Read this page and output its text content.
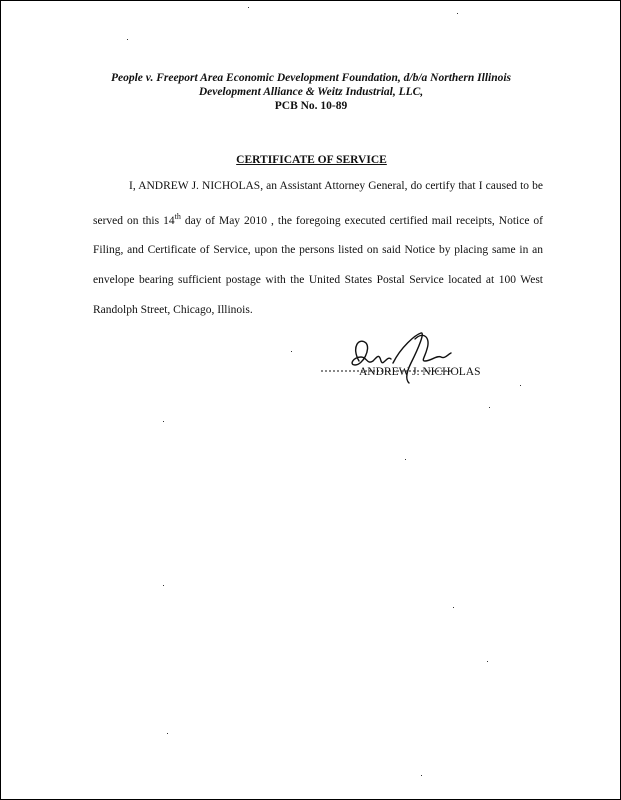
People v. Freeport Area Economic Development Foundation, d/b/a Northern Illinois
Development Alliance & Weitz Industrial, LLC,
PCB No. 10-89
CERTIFICATE OF SERVICE
I, ANDREW J. NICHOLAS, an Assistant Attorney General, do certify that I caused to be served on this 14th day of May 2010 , the foregoing executed certified mail receipts, Notice of Filing, and Certificate of Service, upon the persons listed on said Notice by placing same in an envelope bearing sufficient postage with the United States Postal Service located at 100 West Randolph Street, Chicago, Illinois.
ANDREW J. NICHOLAS
